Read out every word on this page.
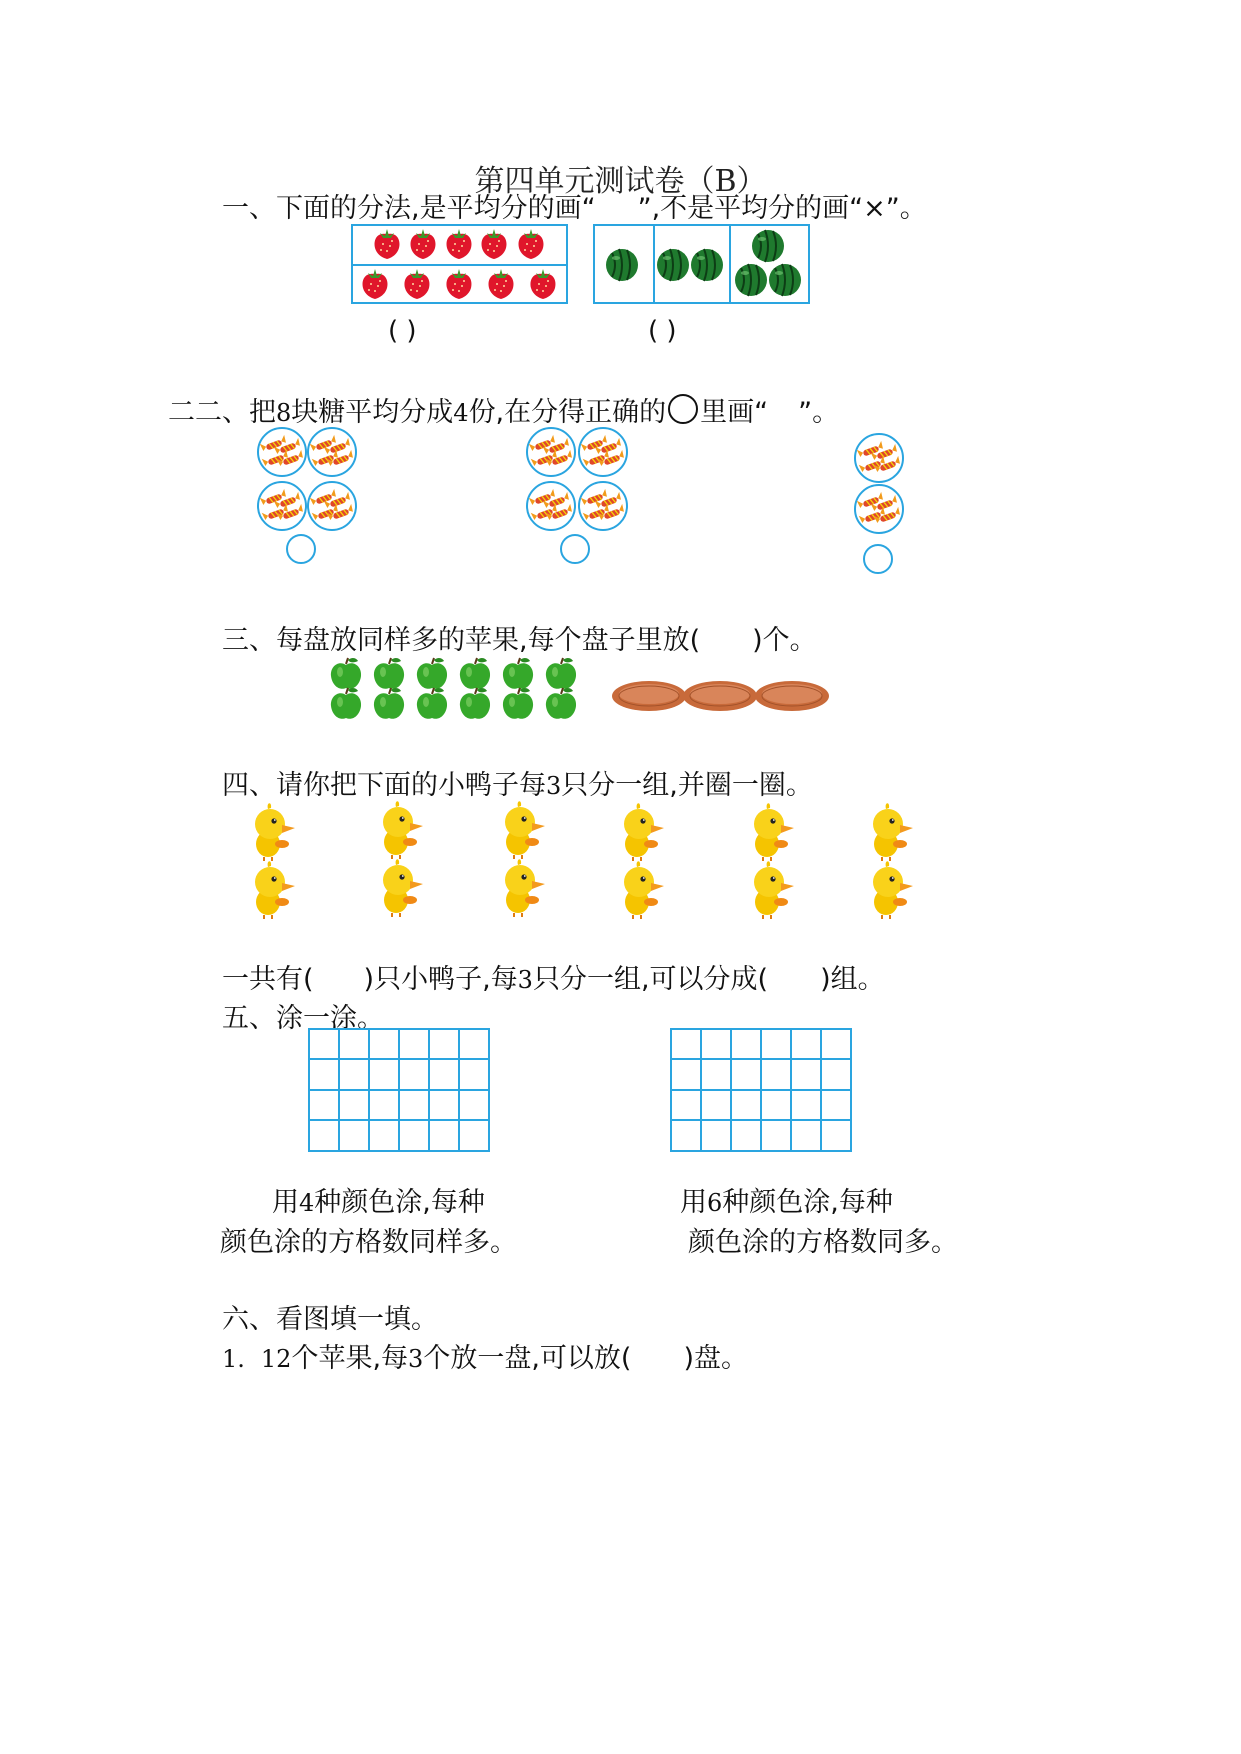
第四单元测试卷（B）
一、下面的分法,是平均分的画“ ”,不是平均分的画“×”。
( )	( )
二二、把8块糖平均分成4份,在分得正确的 里画“ ”。
三、每盘放同样多的苹果,每个盘子里放( )个。
四、请你把下面的小鸭子每3只分一组,并圈一圈。
一共有( )只小鸭子,每3只分一组,可以分成( )组。
五、涂一涂。
用4种颜色涂,每种
颜色涂的方格数同样多。
用6种颜色涂,每种
颜色涂的方格数同多。
六、看图填一填。
1. 12个苹果,每3个放一盘,可以放( )盘。
